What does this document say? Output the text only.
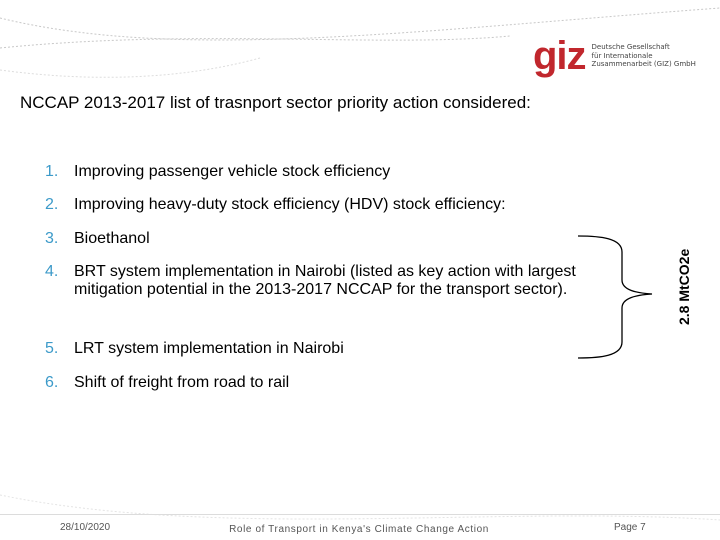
giz Deutsche Gesellschaft
für Internationale
Zusammenarbeit (GIZ) GmbH
NCCAP 2013-2017 list of trasnport sector priority action considered:
1. Improving passenger vehicle stock efficiency
2. Improving heavy-duty stock efficiency (HDV) stock efficiency:
3. Bioethanol
4. BRT system implementation in Nairobi (listed as key action with largest mitigation potential in the 2013-2017 NCCAP for the transport sector).
5. LRT system implementation in Nairobi
6. Shift of freight from road to rail
2.8 MtCO2e
28/10/2020	Role of Transport in Kenya's Climate Change Action	Page 7
